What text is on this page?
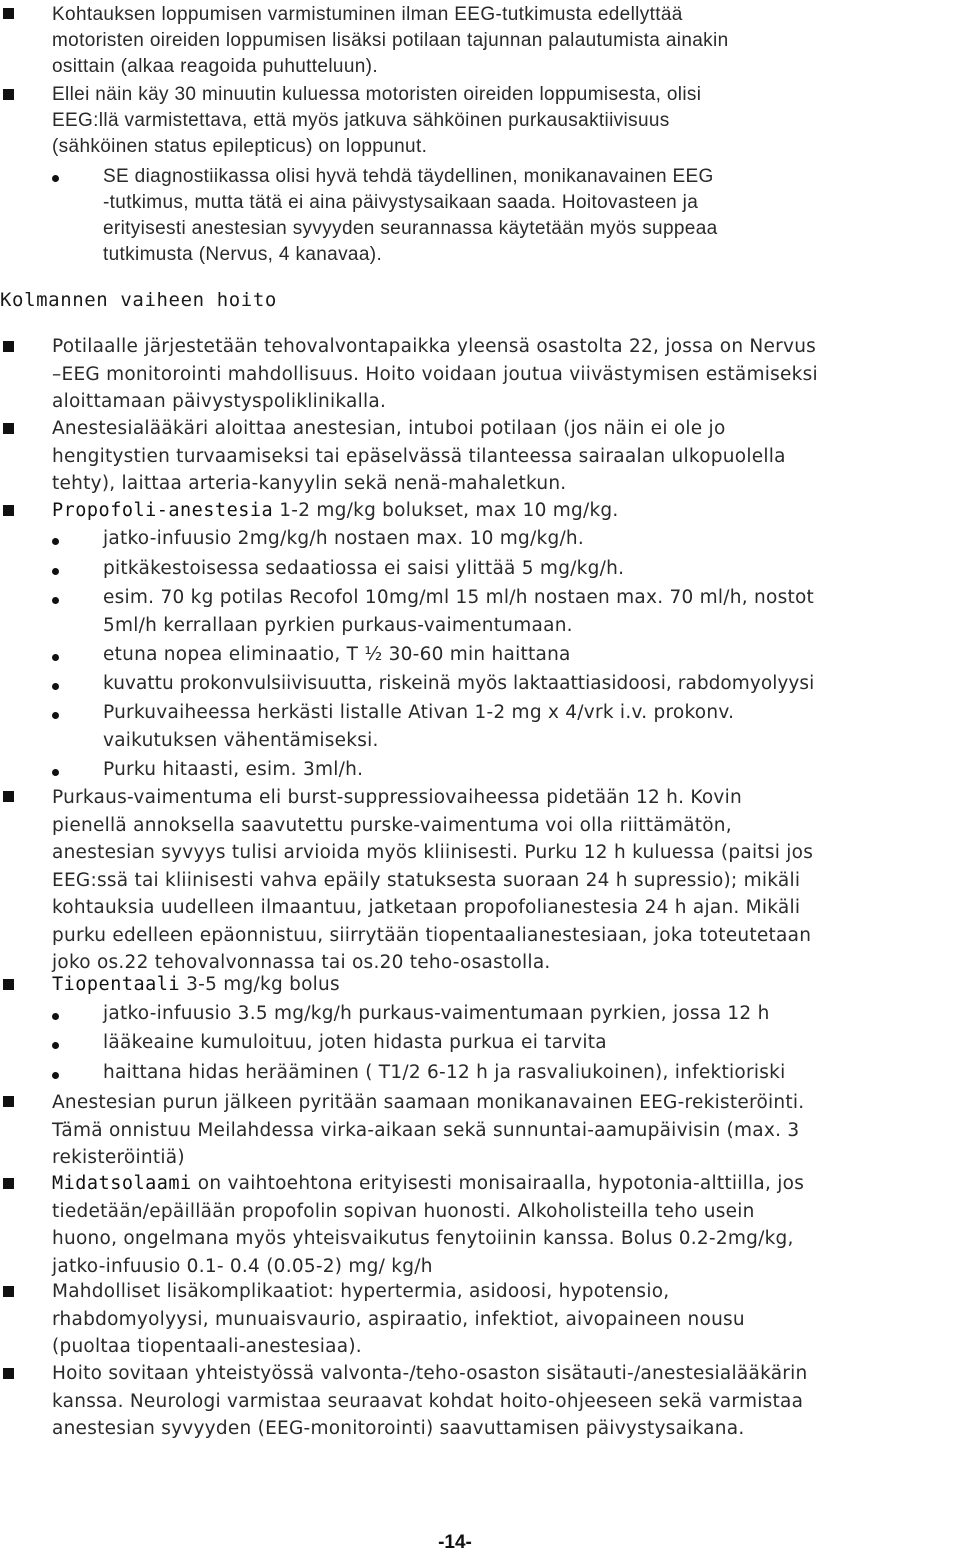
Kohtauksen loppumisen varmistuminen ilman EEG-tutkimusta edellyttää
motoristen oireiden loppumisen lisäksi potilaan tajunnan palautumista ainakin
osittain (alkaa reagoida puhutteluun).
Ellei näin käy 30 minuutin kuluessa motoristen oireiden loppumisesta, olisi
EEG:llä varmistettava, että myös jatkuva sähköinen purkausaktiivisuus
(sähköinen status epilepticus) on loppunut.
SE diagnostiikassa olisi hyvä tehdä täydellinen, monikanavainen EEG
-tutkimus, mutta tätä ei aina päivystysaikaan saada. Hoitovasteen ja
erityisesti anestesian syvyyden seurannassa käytetään myös suppeaa
tutkimusta (Nervus, 4 kanavaa).
Kolmannen vaiheen hoito
Potilaalle järjestetään tehovalvontapaikka yleensä osastolta 22, jossa on Nervus
–EEG monitorointi mahdollisuus. Hoito voidaan joutua viivästymisen estämiseksi
aloittamaan päivystyspoliklinikalla.
Anestesialääkäri aloittaa anestesian, intuboi potilaan (jos näin ei ole jo
hengitystien turvaamiseksi tai epäselvässä tilanteessa sairaalan ulkopuolella
tehty), laittaa arteria-kanyylin sekä nenä-mahaletkun.
Propofoli-anestesia 1-2 mg/kg bolukset, max 10 mg/kg.
jatko-infuusio 2mg/kg/h nostaen max. 10 mg/kg/h.
pitkäkestoisessa sedaatiossa ei saisi ylittää 5 mg/kg/h.
esim. 70 kg potilas Recofol 10mg/ml 15 ml/h nostaen max. 70 ml/h, nostot
5ml/h kerrallaan pyrkien purkaus-vaimentumaan.
etuna nopea eliminaatio, T ½ 30-60 min haittana
kuvattu prokonvulsiivisuutta, riskeinä myös laktaattiasidoosi, rabdomyolyysi
Purkuvaiheessa herkästi listalle Ativan 1-2 mg x 4/vrk i.v. prokonv.
vaikutuksen vähentämiseksi.
Purku hitaasti, esim. 3ml/h.
Purkaus-vaimentuma eli burst-suppressiovaiheessa pidetään 12 h. Kovin
pienellä annoksella saavutettu purske-vaimentuma voi olla riittämätön,
anestesian syvyys tulisi arvioida myös kliinisesti. Purku 12 h kuluessa (paitsi jos
EEG:ssä tai kliinisesti vahva epäily statuksesta suoraan 24 h supressio); mikäli
kohtauksia uudelleen ilmaantuu, jatketaan propofolianestesia 24 h ajan. Mikäli
purku edelleen epäonnistuu, siirrytään tiopentaalianestesiaan, joka toteutetaan
joko os.22 tehovalvonnassa tai os.20 teho-osastolla.
Tiopentaali 3-5 mg/kg bolus
jatko-infuusio 3.5 mg/kg/h purkaus-vaimentumaan pyrkien, jossa 12 h
lääkeaine kumuloituu, joten hidasta purkua ei tarvita
haittana hidas herääminen ( T1/2 6-12 h ja rasvaliukoinen), infektioriski
Anestesian purun jälkeen pyritään saamaan monikanavainen EEG-rekisteröinti.
Tämä onnistuu Meilahdessa virka-aikaan sekä sunnuntai-aamupäivisin (max. 3
rekisteröintiä)
Midatsolaami on vaihtoehtona erityisesti monisairaalla, hypotonia-alttiilla, jos
tiedetään/epäillään propofolin sopivan huonosti. Alkoholisteilla teho usein
huono, ongelmana myös yhteisvaikutus fenytoiinin kanssa. Bolus 0.2-2mg/kg,
jatko-infuusio 0.1- 0.4 (0.05-2) mg/ kg/h
Mahdolliset lisäkomplikaatiot: hypertermia, asidoosi, hypotensio,
rhabdomyolyysi, munuaisvaurio, aspiraatio, infektiot, aivopaineen nousu
(puoltaa tiopentaali-anestesiaa).
Hoito sovitaan yhteistyössä valvonta-/teho-osaston sisätauti-/anestesialääkärin
kanssa. Neurologi varmistaa seuraavat kohdat hoito-ohjeeseen sekä varmistaa
anestesian syvyyden (EEG-monitorointi) saavuttamisen päivystysaikana.
-14-
